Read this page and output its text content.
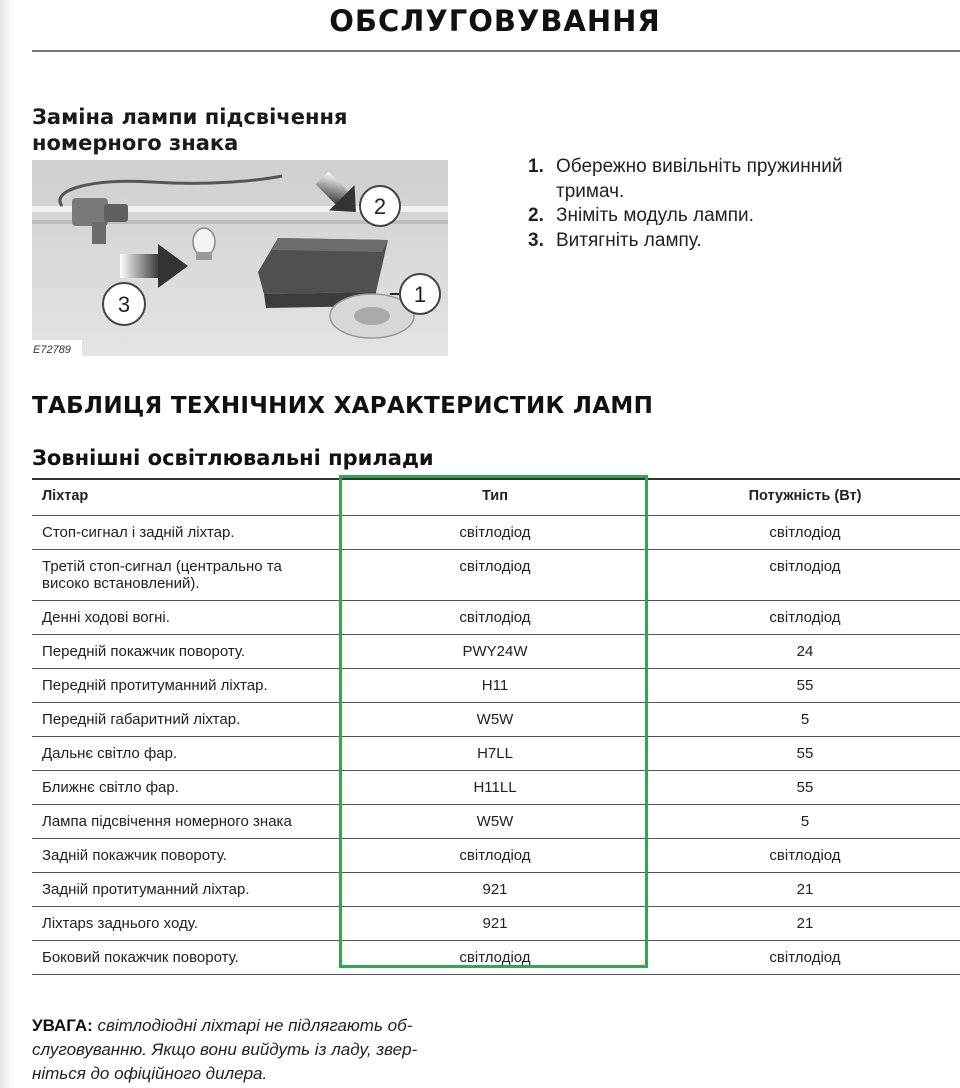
ОБСЛУГОВУВАННЯ
Заміна лампи підсвічення
номерного знака
2
3	1
E72789
1. Обережно вивільніть пружинний
тримач.
2. Зніміть модуль лампи.
3. Витягніть лампу.
ТАБЛИЦЯ ТЕХНІЧНИХ ХАРАКТЕРИСТИК ЛАМП
Зовнішні освітлювальні прилади
Ліхтар	Тип	Потужність (Вт)
Стоп-сигнал і задній ліхтар.	світлодіод	світлодіод
Третій стоп-сигнал (центрально та
високо встановлений).	світлодіод	світлодіод
Денні ходові вогні.	світлодіод	світлодіод
Передній покажчик повороту.	PWY24W	24
Передній протитуманний ліхтар.	H11	55
Передній габаритний ліхтар.	W5W	5
Дальнє світло фар.	H7LL	55
Ближнє світло фар.	H11LL	55
Лампа підсвічення номерного знака	W5W	5
Задній покажчик повороту.	світлодіод	світлодіод
Задній протитуманний ліхтар.	921	21
Ліхтарs заднього ходу.	921	21
Боковий покажчик повороту.	світлодіод	світлодіод
УВАГА: світлодіодні ліхтарі не підлягають об-
слуговуванню. Якщо вони вийдуть із ладу, звер-
ніться до офіційного дилера.
